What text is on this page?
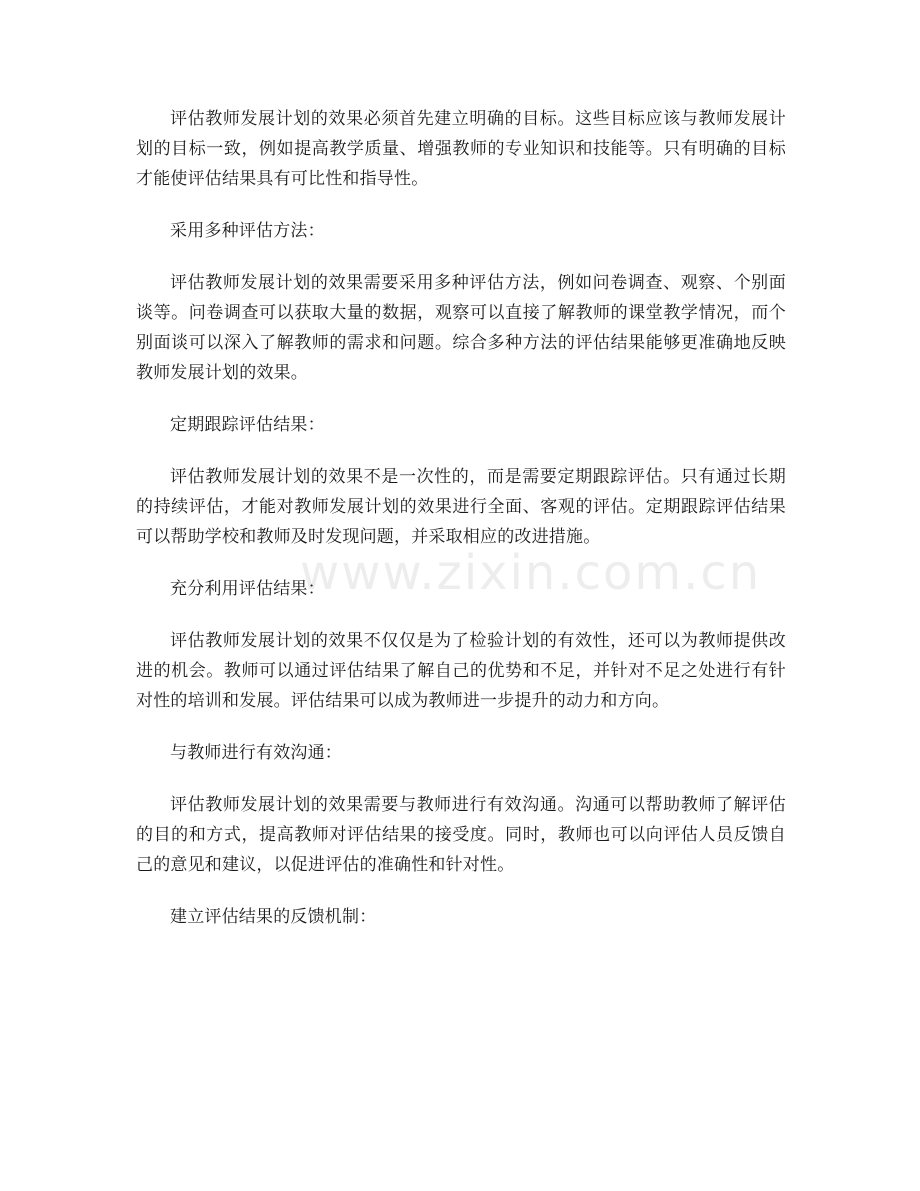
评估教师发展计划的效果必须首先建立明确的目标。这些目标应该与教师发展计划的目标一致，例如提高教学质量、增强教师的专业知识和技能等。只有明确的目标才能使评估结果具有可比性和指导性。

采用多种评估方法：

评估教师发展计划的效果需要采用多种评估方法，例如问卷调查、观察、个别面谈等。问卷调查可以获取大量的数据，观察可以直接了解教师的课堂教学情况，而个别面谈可以深入了解教师的需求和问题。综合多种方法的评估结果能够更准确地反映教师发展计划的效果。

定期跟踪评估结果：

评估教师发展计划的效果不是一次性的，而是需要定期跟踪评估。只有通过长期的持续评估，才能对教师发展计划的效果进行全面、客观的评估。定期跟踪评估结果可以帮助学校和教师及时发现问题，并采取相应的改进措施。

充分利用评估结果：

评估教师发展计划的效果不仅仅是为了检验计划的有效性，还可以为教师提供改进的机会。教师可以通过评估结果了解自己的优势和不足，并针对不足之处进行有针对性的培训和发展。评估结果可以成为教师进一步提升的动力和方向。

与教师进行有效沟通：

评估教师发展计划的效果需要与教师进行有效沟通。沟通可以帮助教师了解评估的目的和方式，提高教师对评估结果的接受度。同时，教师也可以向评估人员反馈自己的意见和建议，以促进评估的准确性和针对性。

建立评估结果的反馈机制：

www.zixin.com.cn
